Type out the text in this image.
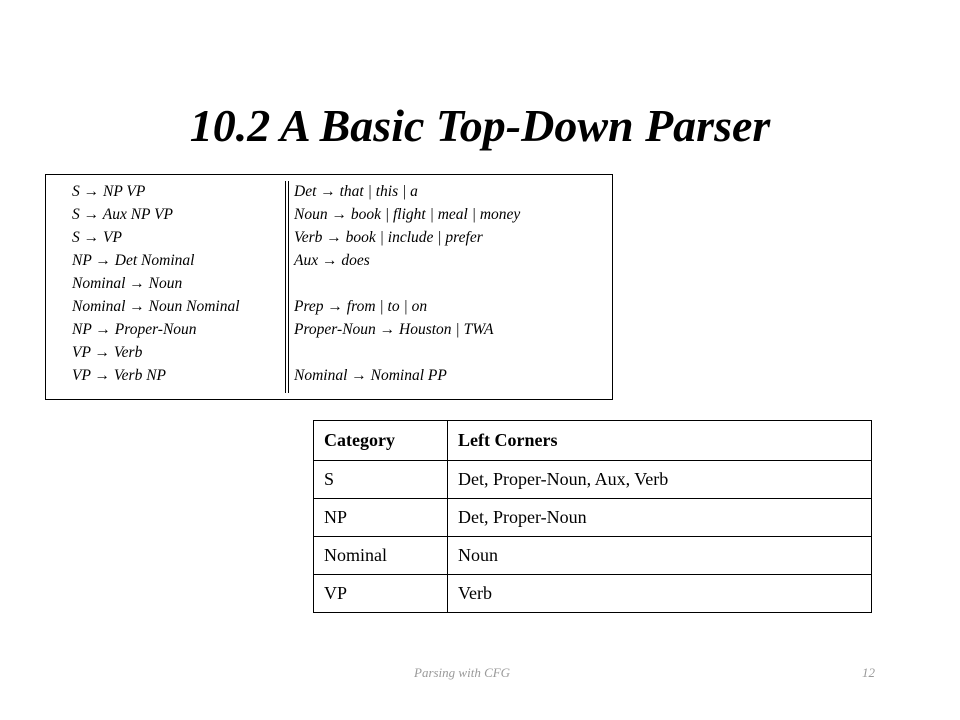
10.2 A Basic Top-Down Parser
S → NP VP
S → Aux NP VP
S → VP
NP → Det Nominal
Nominal → Noun
Nominal → Noun Nominal
NP → Proper-Noun
VP → Verb
VP → Verb NP
Det → that | this | a
Noun → book | flight | meal | money
Verb → book | include | prefer
Aux → does
Prep → from | to | on
Proper-Noun → Houston | TWA
Nominal → Nominal PP
Category	Left Corners
S	Det, Proper-Noun, Aux, Verb
NP	Det, Proper-Noun
Nominal	Noun
VP	Verb
Parsing with CFG	12
